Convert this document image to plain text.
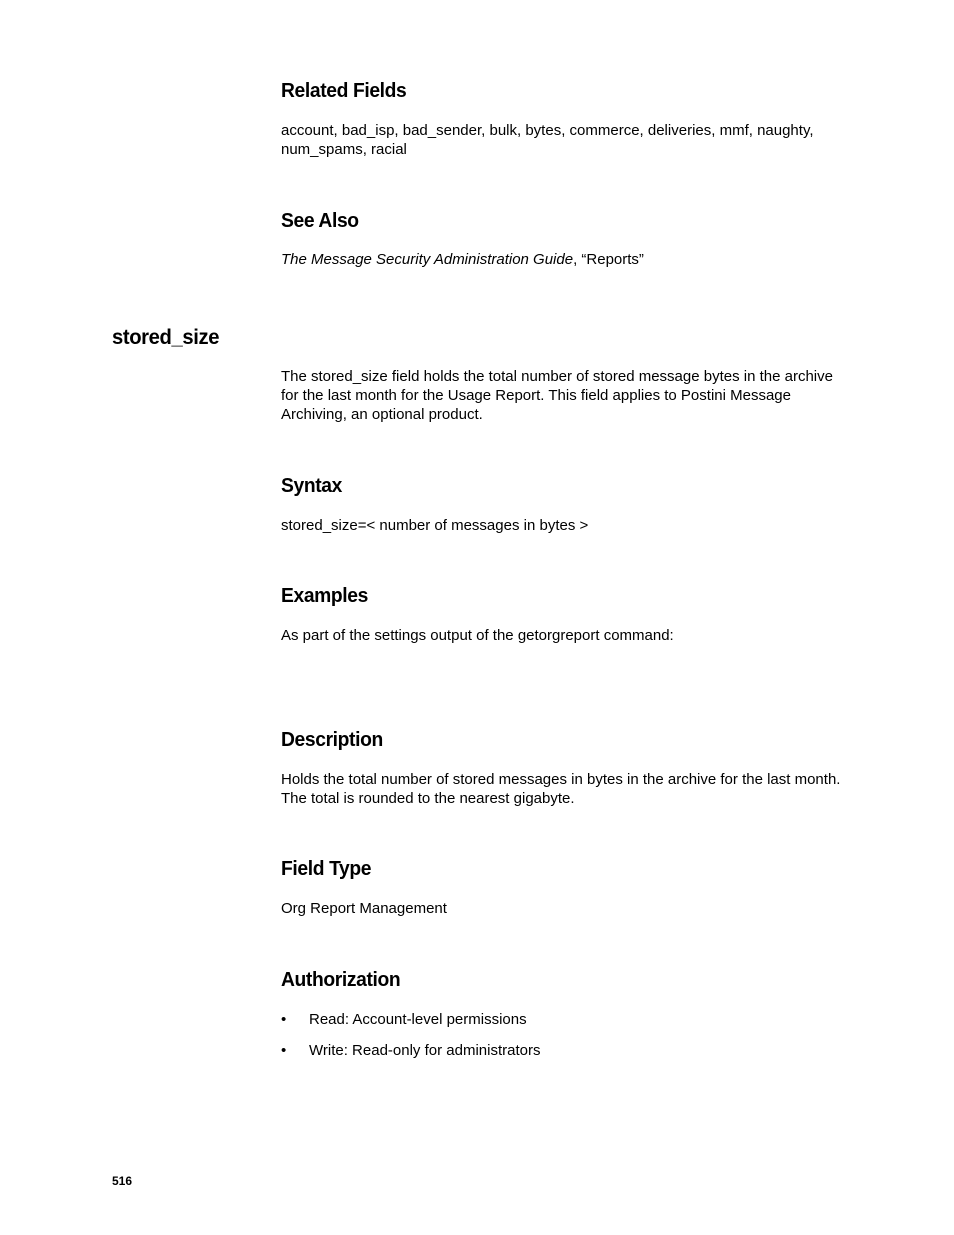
Related Fields

account, bad_isp, bad_sender, bulk, bytes, commerce, deliveries, mmf, naughty, num_spams, racial

See Also

The Message Security Administration Guide, “Reports”

stored_size

The stored_size field holds the total number of stored message bytes in the archive for the last month for the Usage Report. This field applies to Postini Message Archiving, an optional product.

Syntax

stored_size=< number of messages in bytes >

Examples

As part of the settings output of the getorgreport command:

Description

Holds the total number of stored messages in bytes in the archive for the last month. The total is rounded to the nearest gigabyte.

Field Type

Org Report Management

Authorization
• Read: Account-level permissions
• Write: Read-only for administrators
516
